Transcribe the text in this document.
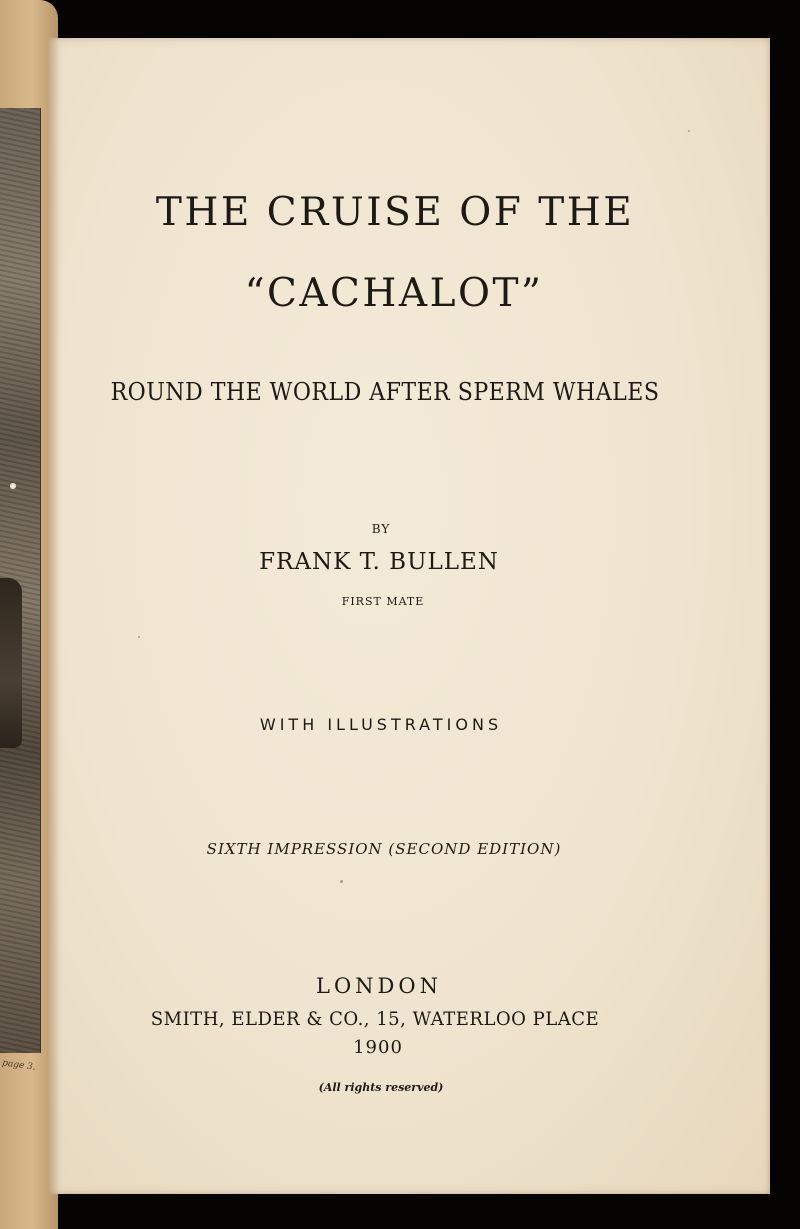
page 3.
THE CRUISE OF THE
“CACHALOT”
ROUND THE WORLD AFTER SPERM WHALES
BY
FRANK T. BULLEN
FIRST MATE
WITH ILLUSTRATIONS
SIXTH IMPRESSION (SECOND EDITION)
LONDON
SMITH, ELDER & CO., 15, WATERLOO PLACE
1900
(All rights reserved)
